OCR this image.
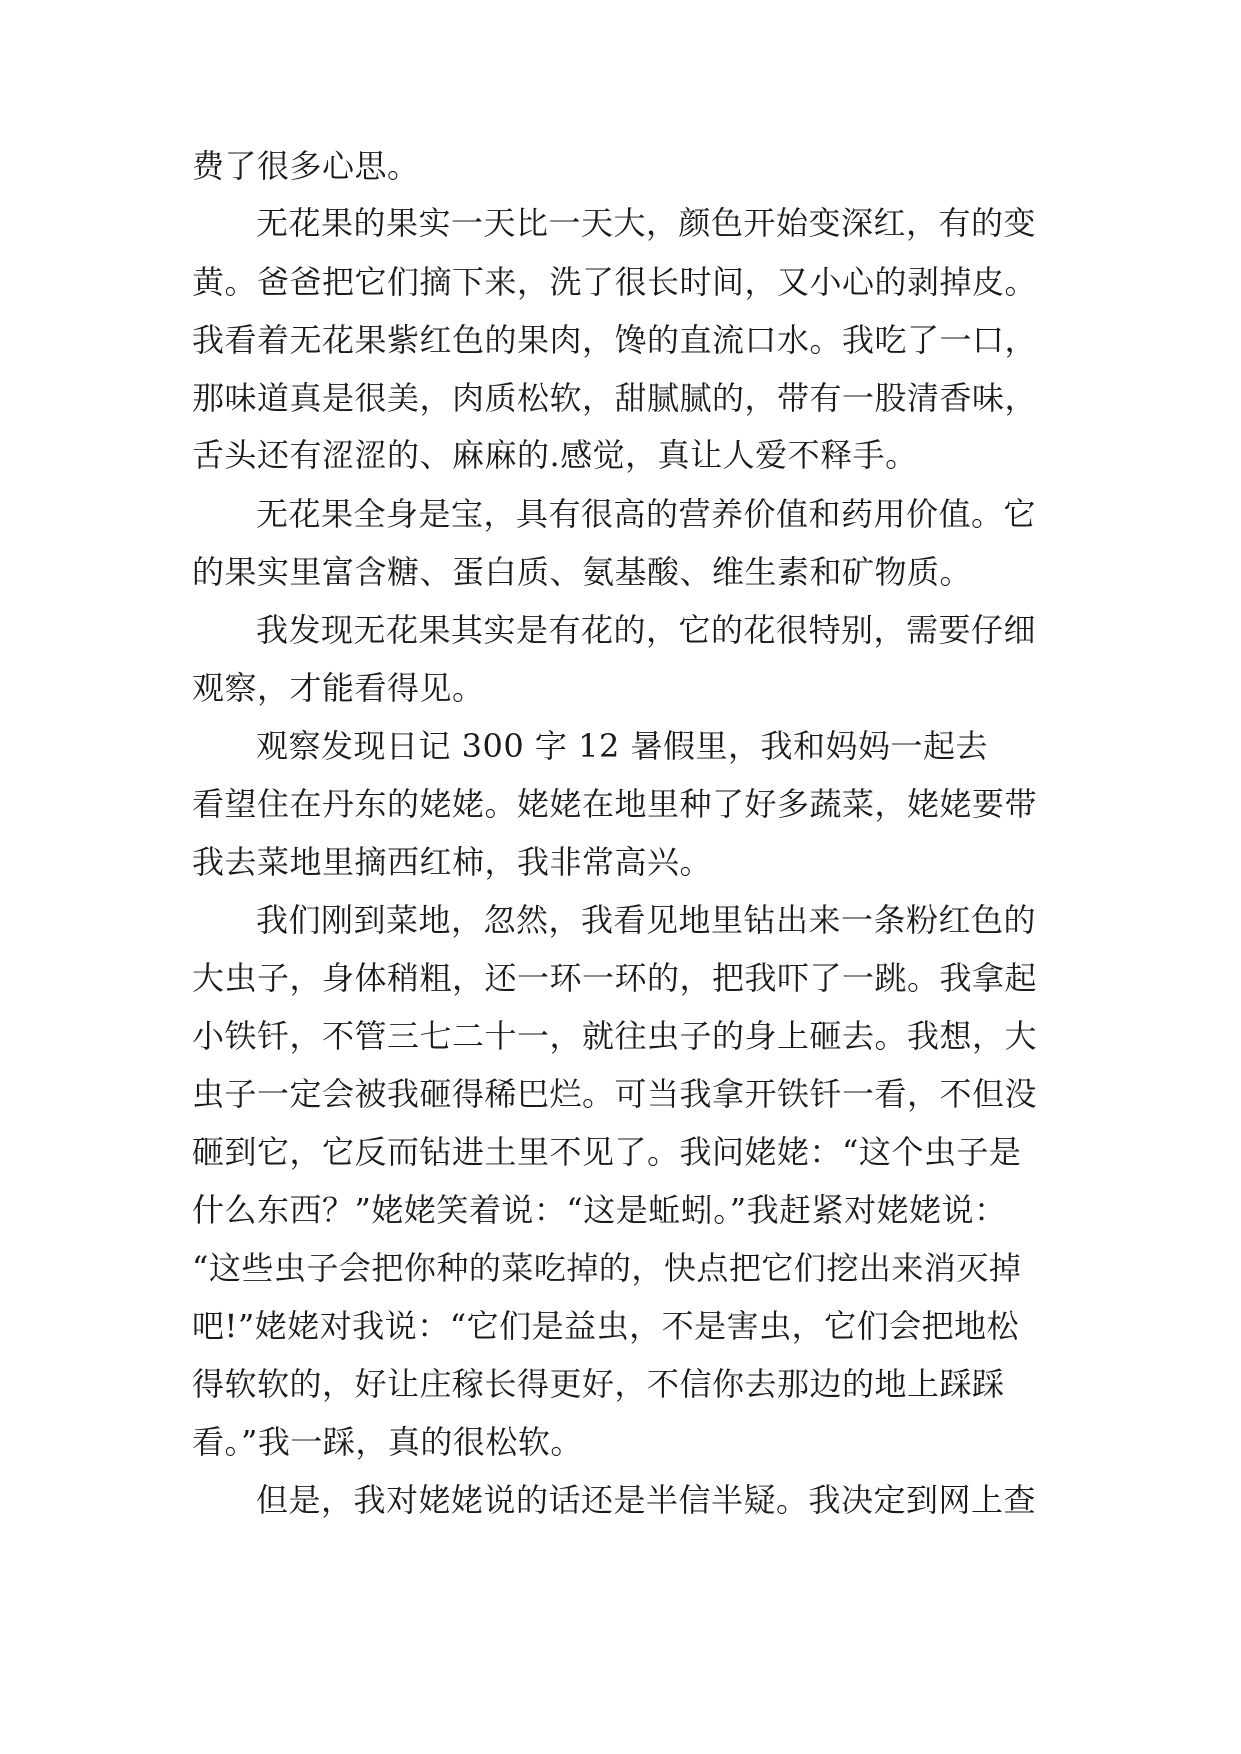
费了很多心思。
无花果的果实一天比一天大，颜色开始变深红，有的变
黄。爸爸把它们摘下来，洗了很长时间，又小心的剥掉皮。
我看着无花果紫红色的果肉，馋的直流口水。我吃了一口，
那味道真是很美，肉质松软，甜腻腻的，带有一股清香味，
舌头还有涩涩的、麻麻的.感觉，真让人爱不释手。
无花果全身是宝，具有很高的营养价值和药用价值。它
的果实里富含糖、蛋白质、氨基酸、维生素和矿物质。
我发现无花果其实是有花的，它的花很特别，需要仔细
观察，才能看得见。
观察发现日记 300 字 12 暑假里，我和妈妈一起去
看望住在丹东的姥姥。姥姥在地里种了好多蔬菜，姥姥要带
我去菜地里摘西红柿，我非常高兴。
我们刚到菜地，忽然，我看见地里钻出来一条粉红色的
大虫子，身体稍粗，还一环一环的，把我吓了一跳。我拿起
小铁钎，不管三七二十一，就往虫子的身上砸去。我想，大
虫子一定会被我砸得稀巴烂。可当我拿开铁钎一看，不但没
砸到它，它反而钻进土里不见了。我问姥姥：“这个虫子是
什么东西？”姥姥笑着说：“这是蚯蚓。”我赶紧对姥姥说：
“这些虫子会把你种的菜吃掉的，快点把它们挖出来消灭掉
吧!”姥姥对我说：“它们是益虫，不是害虫，它们会把地松
得软软的，好让庄稼长得更好，不信你去那边的地上踩踩
看。”我一踩，真的很松软。
但是，我对姥姥说的话还是半信半疑。我决定到网上查
